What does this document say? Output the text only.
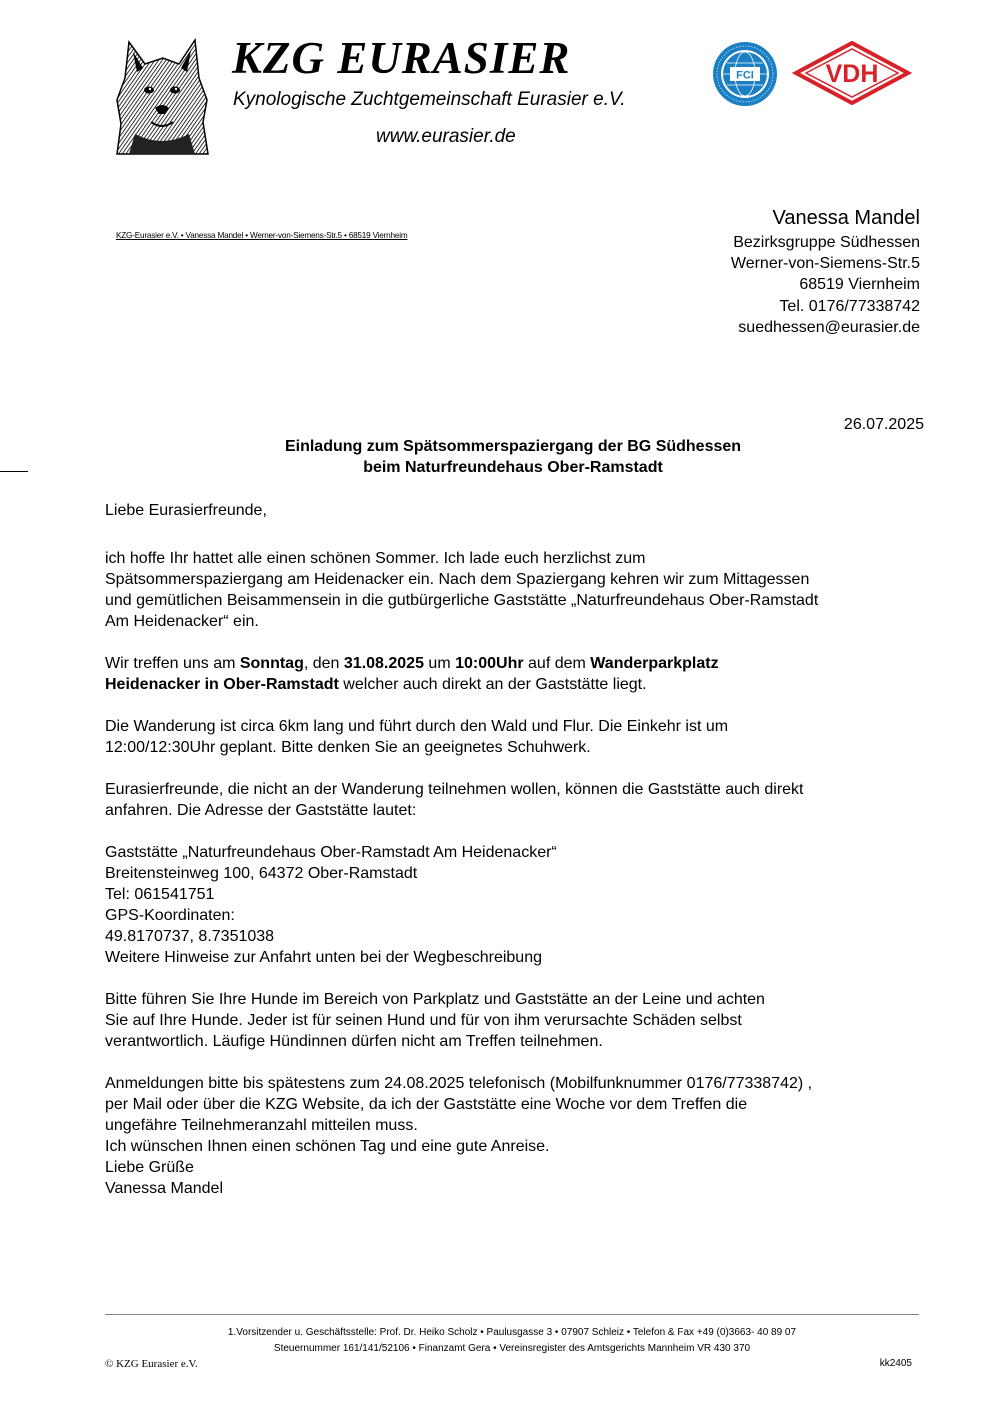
KZG EURASIER
Kynologische Zuchtgemeinschaft Eurasier e.V.
www.eurasier.de
FCI	VDH
KZG-Eurasier e.V. • Vanessa Mandel • Werner-von-Siemens-Str.5 • 68519 Viernheim
Vanessa Mandel
Bezirksgruppe Südhessen
Werner-von-Siemens-Str.5
68519 Viernheim
Tel. 0176/77338742
suedhessen@eurasier.de
26.07.2025
Einladung zum Spätsommerspaziergang der BG Südhessen
beim Naturfreundehaus Ober-Ramstadt

Liebe Eurasierfreunde,

ich hoffe Ihr hattet alle einen schönen Sommer. Ich lade euch herzlichst zum
Spätsommerspaziergang am Heidenacker ein. Nach dem Spaziergang kehren wir zum Mittagessen
und gemütlichen Beisammensein in die gutbürgerliche Gaststätte „Naturfreundehaus Ober-Ramstadt
Am Heidenacker“ ein.

Wir treffen uns am Sonntag, den 31.08.2025 um 10:00Uhr auf dem Wanderparkplatz
Heidenacker in Ober-Ramstadt welcher auch direkt an der Gaststätte liegt.

Die Wanderung ist circa 6km lang und führt durch den Wald und Flur. Die Einkehr ist um
12:00/12:30Uhr geplant. Bitte denken Sie an geeignetes Schuhwerk.

Eurasierfreunde, die nicht an der Wanderung teilnehmen wollen, können die Gaststätte auch direkt
anfahren. Die Adresse der Gaststätte lautet:

Gaststätte „Naturfreundehaus Ober-Ramstadt Am Heidenacker“
Breitensteinweg 100, 64372 Ober-Ramstadt
Tel: 061541751
GPS-Koordinaten:
49.8170737, 8.7351038
Weitere Hinweise zur Anfahrt unten bei der Wegbeschreibung

Bitte führen Sie Ihre Hunde im Bereich von Parkplatz und Gaststätte an der Leine und achten
Sie auf Ihre Hunde. Jeder ist für seinen Hund und für von ihm verursachte Schäden selbst
verantwortlich. Läufige Hündinnen dürfen nicht am Treffen teilnehmen.

Anmeldungen bitte bis spätestens zum 24.08.2025 telefonisch (Mobilfunknummer 0176/77338742) ,
per Mail oder über die KZG Website, da ich der Gaststätte eine Woche vor dem Treffen die
ungefähre Teilnehmeranzahl mitteilen muss.
Ich wünschen Ihnen einen schönen Tag und eine gute Anreise.
Liebe Grüße
Vanessa Mandel

1.Vorsitzender u. Geschäftsstelle: Prof. Dr. Heiko Scholz • Paulusgasse 3 • 07907 Schleiz • Telefon & Fax +49 (0)3663- 40 89 07
Steuernummer 161/141/52106 • Finanzamt Gera • Vereinsregister des Amtsgerichts Mannheim VR 430 370
© KZG Eurasier e.V.	kk2405
